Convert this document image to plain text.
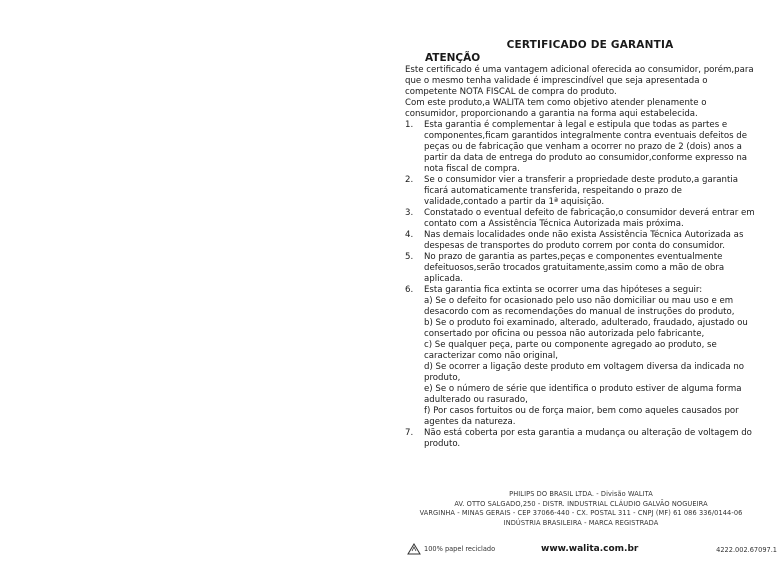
CERTIFICADO DE GARANTIA
ATENÇÃO

Este certificado é uma vantagem adicional oferecida ao consumidor, porém,para que o mesmo tenha validade é imprescindível que seja apresentada o competente NOTA FISCAL de compra do produto.

Com este produto,a WALITA tem como objetivo atender plenamente o consumidor, proporcionando a garantia na forma aqui estabelecida.

1.	Esta garantia é complementar à legal e estipula que todas as partes e componentes,ficam garantidos integralmente contra eventuais defeitos de peças ou de fabricação que venham a ocorrer no prazo de 2 (dois) anos a partir da data de entrega do produto ao consumidor,conforme expresso na nota fiscal de compra.
2.	Se o consumidor vier a transferir a propriedade deste produto,a garantia ficará automaticamente transferida, respeitando o prazo de validade,contado a partir da 1ª aquisição.
3.	Constatado o eventual defeito de fabricação,o consumidor deverá entrar em contato com a Assistência Técnica Autorizada mais próxima.
4.	Nas demais localidades onde não exista Assistência Técnica Autorizada as despesas de transportes do produto correm por conta do consumidor.
5.	No prazo de garantia as partes,peças e componentes eventualmente defeituosos,serão trocados gratuitamente,assim como a mão de obra aplicada.
6.	Esta garantia fica extinta se ocorrer uma das hipóteses a seguir:
a) Se o defeito for ocasionado pelo uso não domiciliar ou mau uso e em desacordo com as recomendações do manual de instruções do produto,
b) Se o produto foi examinado, alterado, adulterado, fraudado, ajustado ou consertado por oficina ou pessoa não autorizada pelo fabricante,
c) Se qualquer peça, parte ou componente agregado ao produto, se caracterizar como não original,
d) Se ocorrer a ligação deste produto em voltagem diversa da indicada no produto,
e) Se o número de série que identifica o produto estiver de alguma forma adulterado ou rasurado,
f) Por casos fortuitos ou de força maior, bem como aqueles causados por agentes da natureza.
7.	Não está coberta por esta garantia a mudança ou alteração de voltagem do produto.
PHILIPS DO BRASIL LTDA. - Divisão WALITA
AV. OTTO SALGADO,250 - DISTR. INDUSTRIAL CLÁUDIO GALVÃO NOGUEIRA
VARGINHA - MINAS GERAIS - CEP 37066-440 - CX. POSTAL 311 - CNPJ (MF) 61 086 336/0144-06
INDÚSTRIA BRASILEIRA - MARCA REGISTRADA
100% papel reciclado	www.walita.com.br	4222.002.67097.1
